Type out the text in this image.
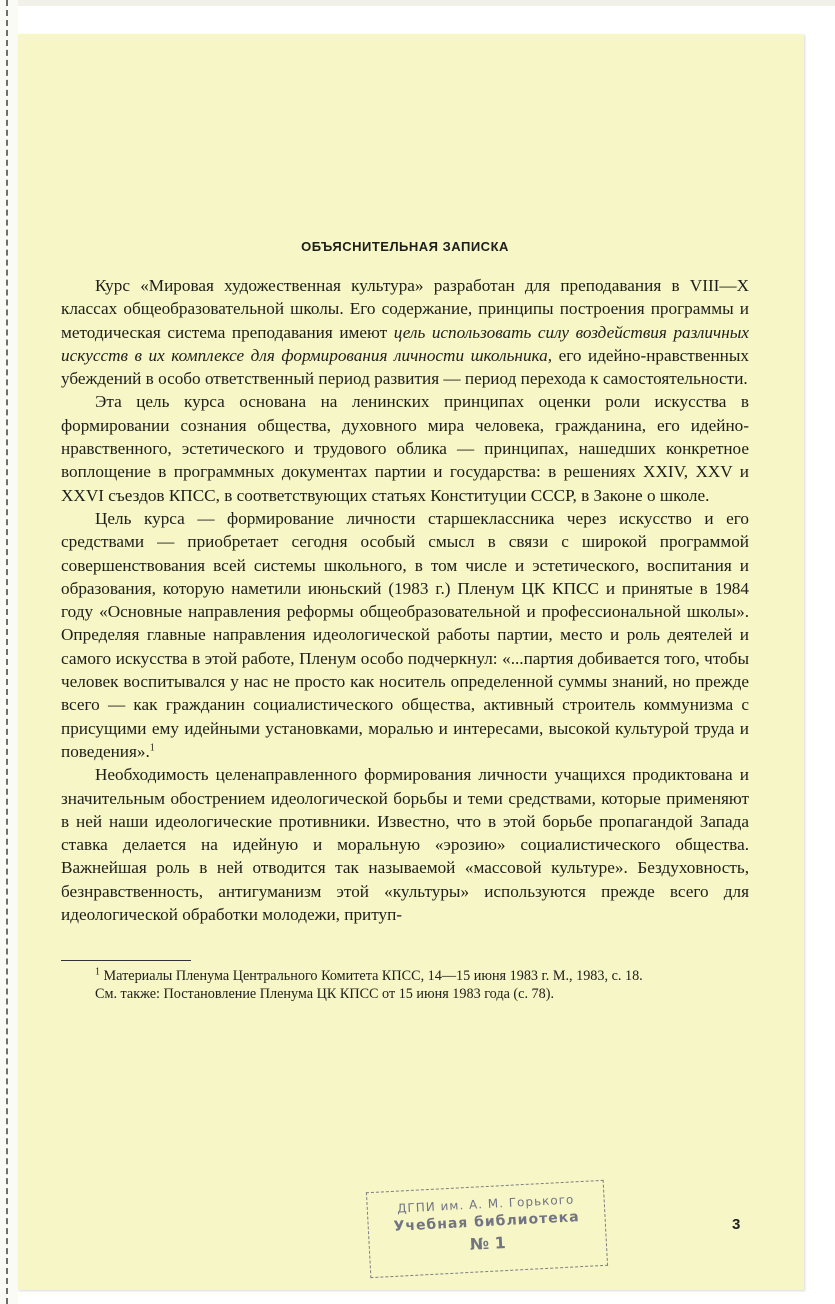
ОБЪЯСНИТЕЛЬНАЯ ЗАПИСКА

Курс «Мировая художественная культура» разработан для преподавания в VIII—X классах общеобразовательной школы. Его содержание, принципы построения программы и методическая система преподавания имеют цель использовать силу воздействия различных искусств в их комплексе для формирования личности школьника, его идейно-нравственных убеждений в особо ответственный период развития — период перехода к самостоятельности.

Эта цель курса основана на ленинских принципах оценки роли искусства в формировании сознания общества, духовного мира человека, гражданина, его идейно-нравственного, эстетического и трудового облика — принципах, нашедших конкретное воплощение в программных документах партии и государства: в решениях XXIV, XXV и XXVI съездов КПСС, в соответствующих статьях Конституции СССР, в Законе о школе.

Цель курса — формирование личности старшеклассника через искусство и его средствами — приобретает сегодня особый смысл в связи с широкой программой совершенствования всей системы школьного, в том числе и эстетического, воспитания и образования, которую наметили июньский (1983 г.) Пленум ЦК КПСС и принятые в 1984 году «Основные направления реформы общеобразовательной и профессиональной школы». Определяя главные направления идеологической работы партии, место и роль деятелей и самого искусства в этой работе, Пленум особо подчеркнул: «...партия добивается того, чтобы человек воспитывался у нас не просто как носитель определенной суммы знаний, но прежде всего — как гражданин социалистического общества, активный строитель коммунизма с присущими ему идейными установками, моралью и интересами, высокой культурой труда и поведения».$^1$

Необходимость целенаправленного формирования личности учащихся продиктована и значительным обострением идеологической борьбы и теми средствами, которые применяют в ней наши идеологические противники. Известно, что в этой борьбе пропагандой Запада ставка делается на идейную и моральную «эрозию» социалистического общества. Важнейшая роль в ней отводится так называемой «массовой культуре». Бездуховность, безнравственность, антигуманизм этой «культуры» используются прежде всего для идеологической обработки молодежи, притуп-

$^1$ Материалы Пленума Центрального Комитета КПСС, 14—15 июня 1983 г. М., 1983, с. 18.

См. также: Постановление Пленума ЦК КПСС от 15 июня 1983 года (с. 78).

ДГПИ им. А. М. Горького
Учебная библиотека
№ 1
3
